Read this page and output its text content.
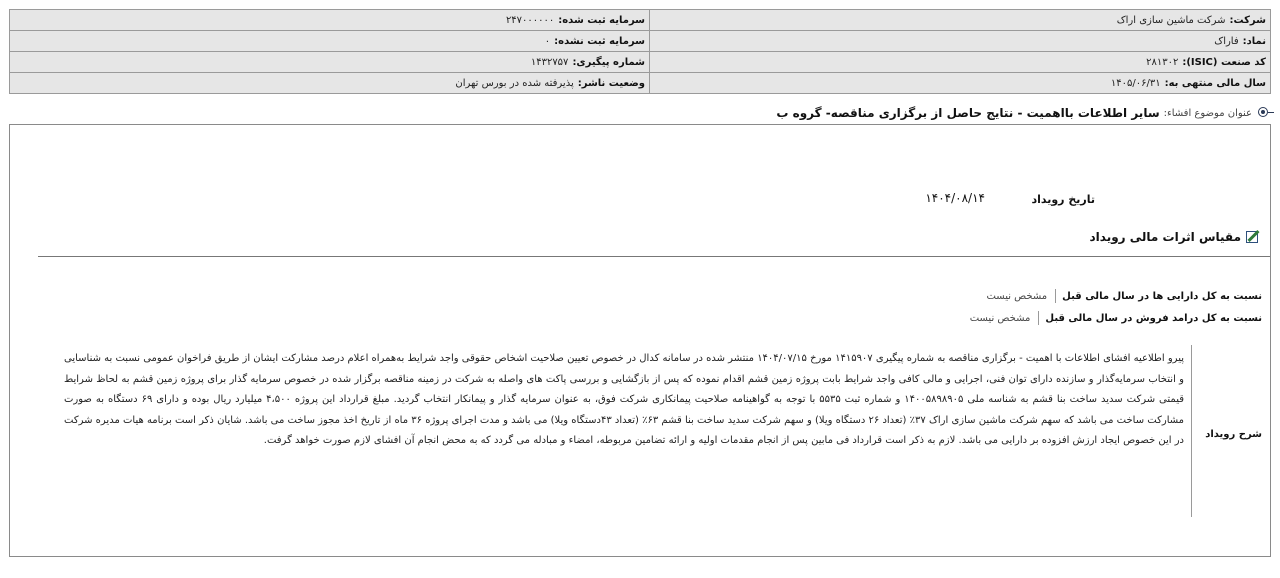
شرکت:شرکت ماشین سازی اراک	سرمایه ثبت شده:۲۴۷۰۰۰۰۰۰
نماد:فاراک	سرمایه ثبت نشده:۰
کد صنعت (ISIC):۲۸۱۳۰۲	شماره پیگیری:۱۴۳۲۷۵۷
سال مالی منتهی به:۱۴۰۵/۰۶/۳۱	وضعیت ناشر:پذیرفته شده در بورس تهران
عنوان موضوع افشاء:
سایر اطلاعات بااهمیت - نتایج حاصل از برگزاری مناقصه- گروه ب
تاریخ رویداد
۱۴۰۴/۰۸/۱۴
مقیاس اثرات مالی رویداد
نسبت به کل دارایی ها در سال مالی قبل
مشخص نیست
نسبت به کل درامد فروش در سال مالی قبل
مشخص نیست
شرح رویداد
پیرو اطلاعیه افشای اطلاعات با اهمیت - برگزاری مناقصه به شماره پیگیری ۱۴۱۵۹۰۷ مورخ ۱۴۰۴/۰۷/۱۵ منتشر شده در سامانه کدال در خصوص تعیین صلاحیت اشخاص حقوقی واجد شرایط به‌همراه اعلام درصد مشارکت ایشان از طریق فراخوان عمومی نسبت به شناسایی و انتخاب سرمایه‌گذار و سازنده دارای توان فنی، اجرایی و مالی کافی واجد شرایط بابت پروژه زمین قشم اقدام نموده که پس از بازگشایی و بررسی پاکت های واصله به شرکت در زمینه مناقصه برگزار شده در خصوص سرمایه گذار برای پروژه زمین قشم به لحاظ شرایط قیمتی شرکت سدید ساخت بنا قشم به شناسه ملی ۱۴۰۰۵۸۹۸۹۰۵ و شماره ثبت ۵۵۳۵ با توجه به گواهینامه صلاحیت پیمانکاری شرکت فوق، به عنوان سرمایه گذار و پیمانکار انتخاب گردید. مبلغ قرارداد این پروژه ۴،۵۰۰ میلیارد ریال بوده و دارای ۶۹ دستگاه به صورت مشارکت ساخت می باشد که سهم شرکت ماشین سازی اراک ۳۷٪ (تعداد ۲۶ دستگاه ویلا) و سهم شرکت سدید ساخت بنا قشم ۶۳٪ (تعداد ۴۳دستگاه ویلا) می باشد و مدت اجرای پروژه ۳۶ ماه از تاریخ اخذ مجوز ساخت می باشد. شایان ذکر است برنامه هیات مدیره شرکت در این خصوص ایجاد ارزش افزوده بر دارایی می باشد. لازم به ذکر است قرارداد فی مابین پس از انجام مقدمات اولیه و ارائه تضامین مربوطه، امضاء و مبادله می گردد که به محض انجام آن افشای لازم صورت خواهد گرفت.
